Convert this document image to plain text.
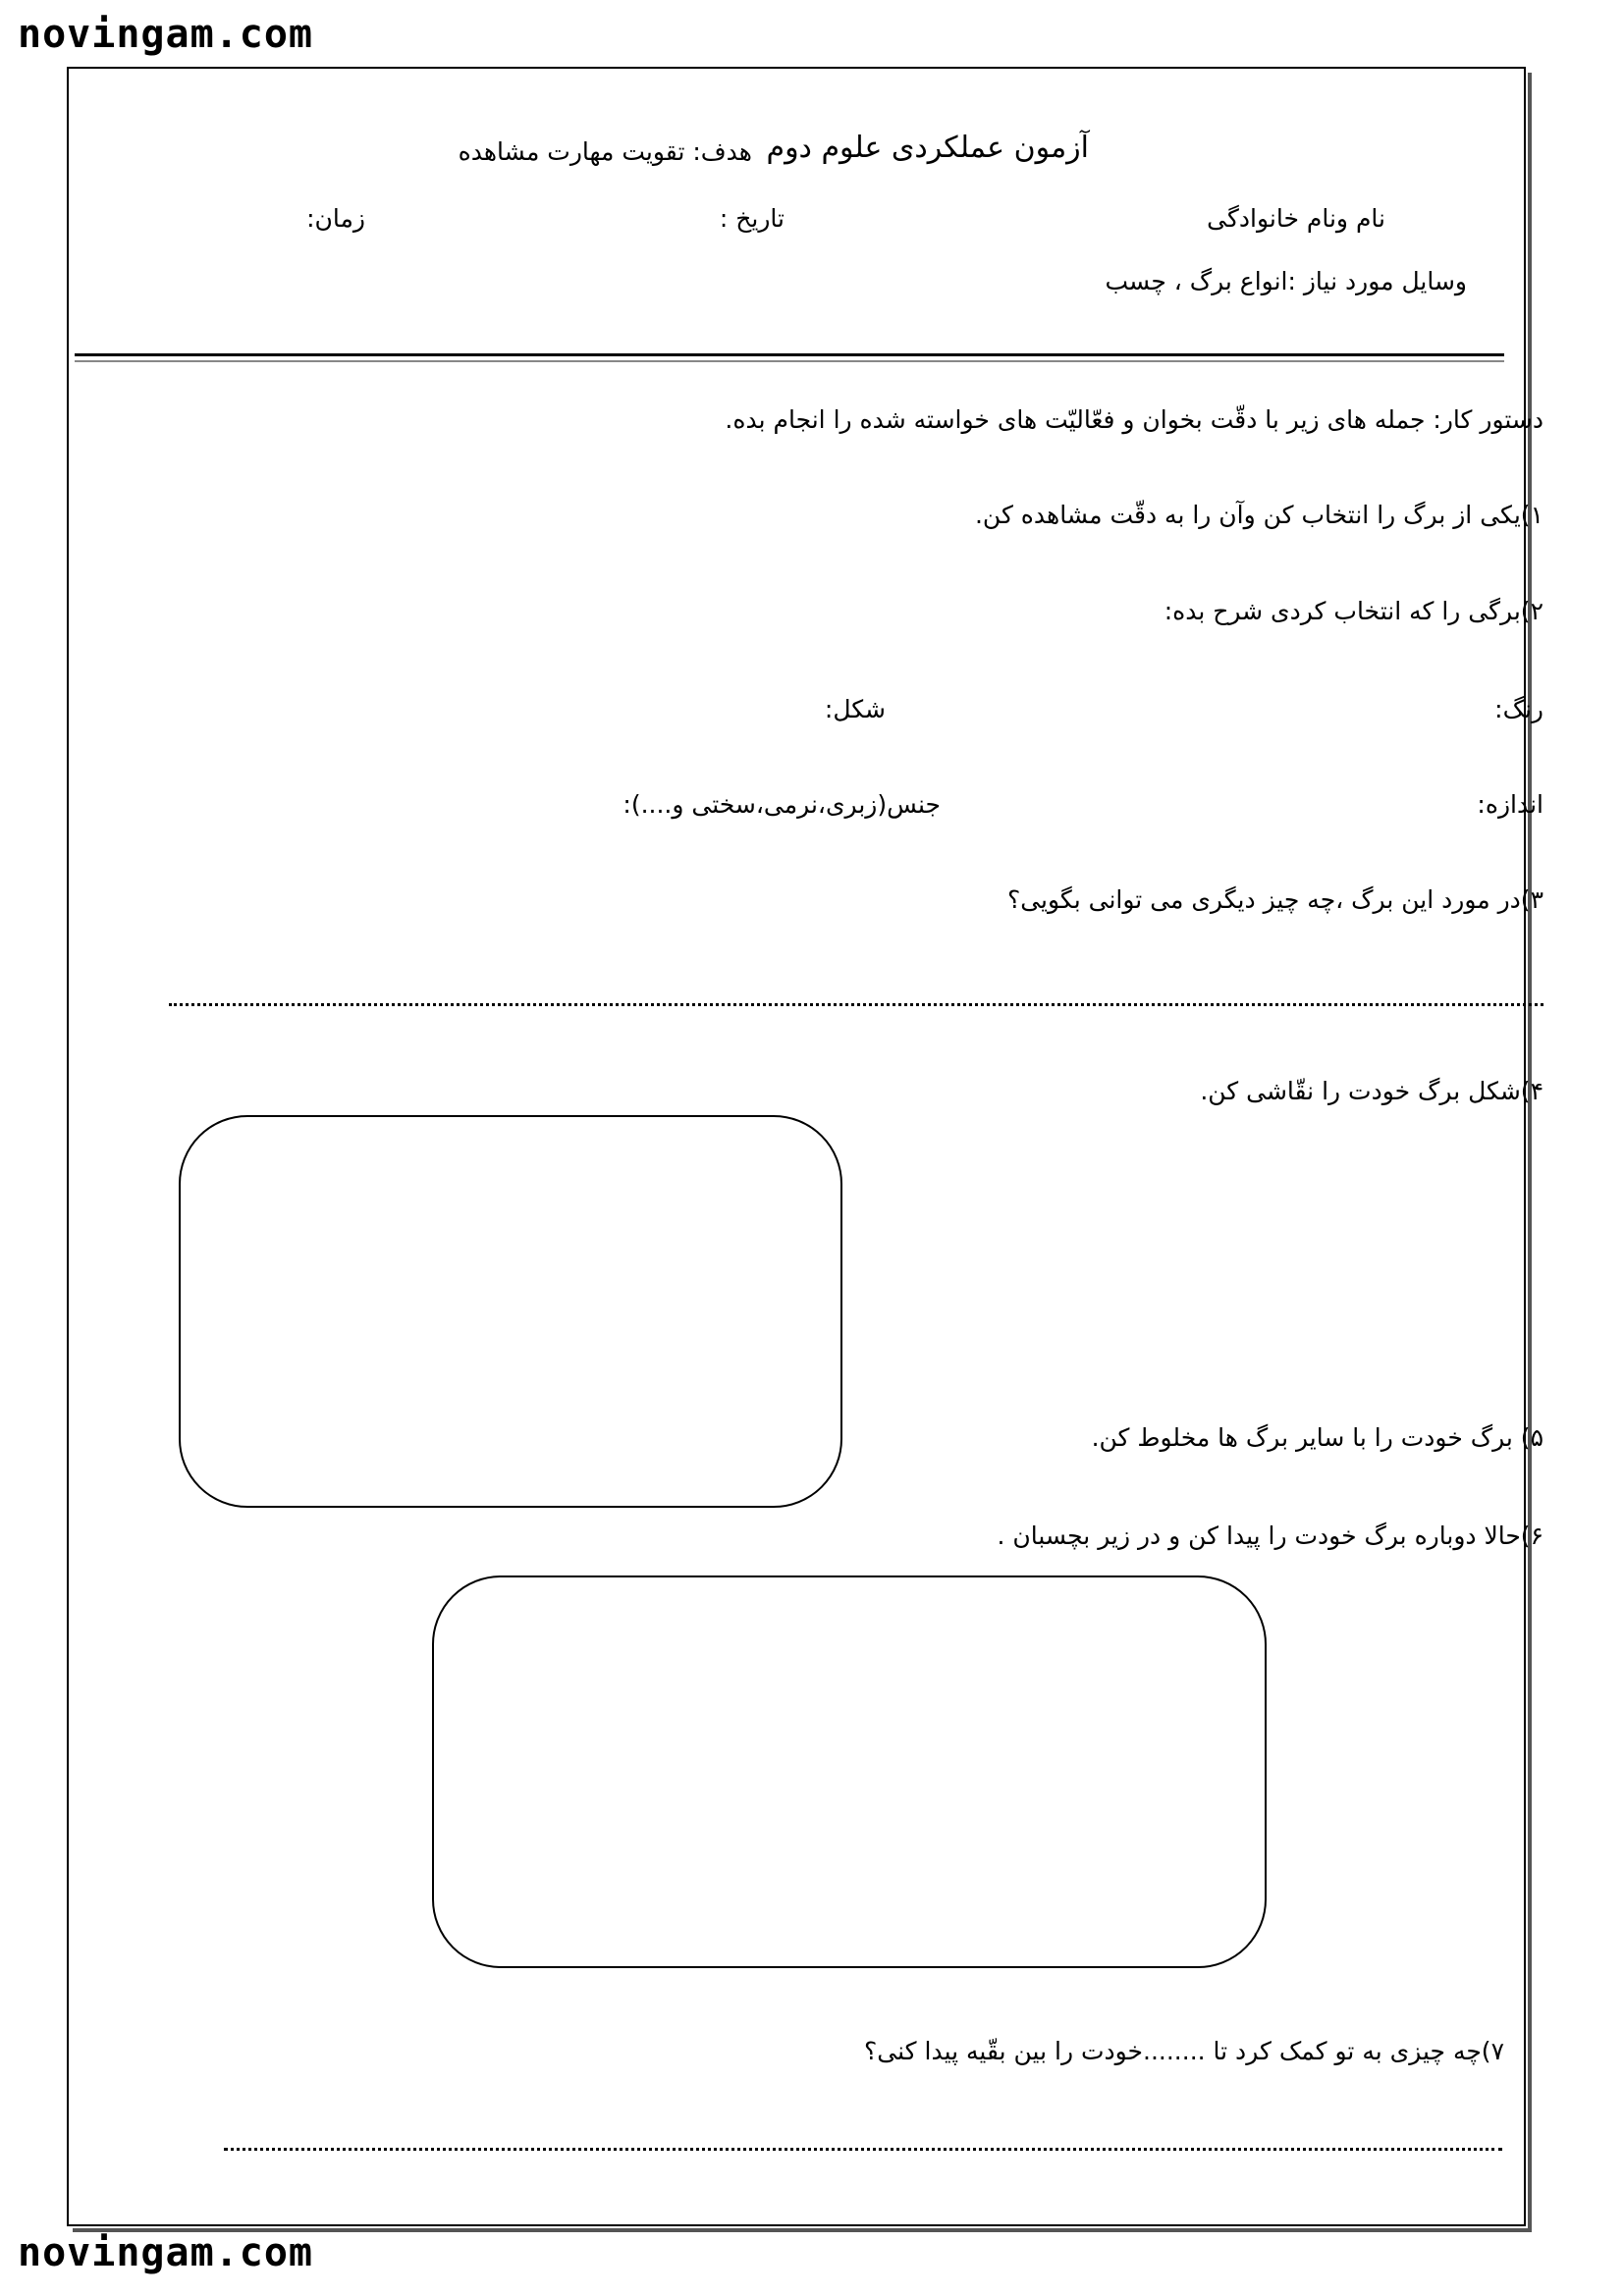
novingam.com
آزمون عملکردی علوم دوم
هدف: تقویت مهارت مشاهده
نام ونام خانوادگی
تاریخ :
زمان:
وسایل مورد نیاز :انواع برگ ، چسب
دستور کار: جمله های زیر با دقّت بخوان و فعّالیّت های خواسته شده را انجام بده.
۱)یکی از برگ را انتخاب کن وآن را به دقّت مشاهده کن.
۲)برگی را که انتخاب کردی شرح بده:
رنگ:
شکل:
اندازه:
جنس(زبری،نرمی،سختی و....):
۳)در مورد این برگ ،چه چیز دیگری می توانی بگویی؟
۴)شکل برگ خودت را نقّاشی کن.
۵) برگ خودت را با سایر برگ ها مخلوط کن.
۶)حالا دوباره برگ خودت را پیدا کن و در زیر بچسبان .
۷)چه چیزی به تو کمک کرد تا ........خودت را بین بقّیه پیدا کنی؟
novingam.com
